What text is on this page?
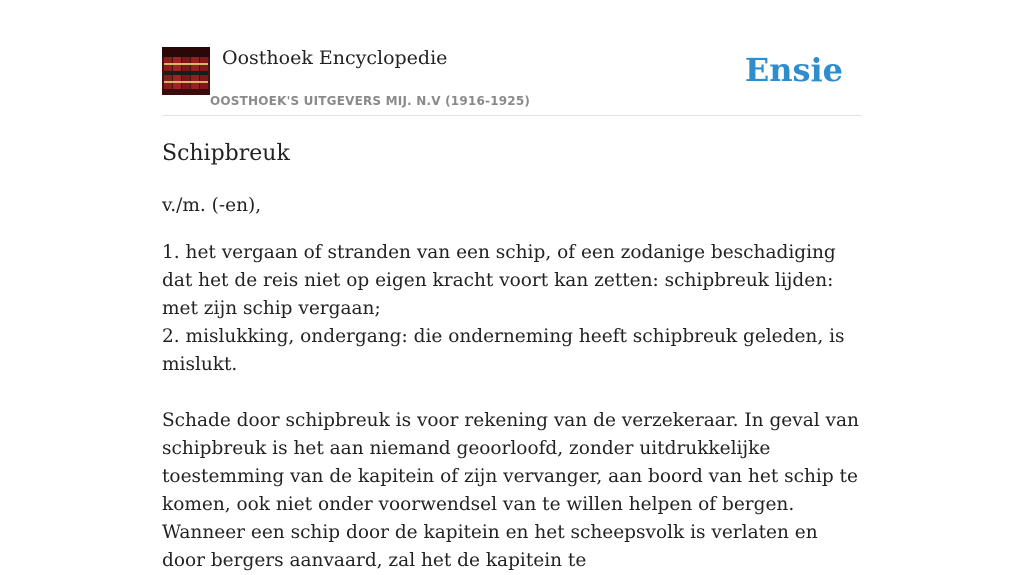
Oosthoek Encyclopedie
OOSTHOEK'S UITGEVERS MIJ. N.V (1916-1925)
Ensie
Schipbreuk

v./m. (-en),

1. het vergaan of stranden van een schip, of een zodanige beschadiging dat het de reis niet op eigen kracht voort kan zetten: schipbreuk lijden: met zijn schip vergaan;

2. mislukking, ondergang: die onderneming heeft schipbreuk geleden, is mislukt.

Schade door schipbreuk is voor rekening van de verzekeraar. In geval van schipbreuk is het aan niemand geoorloofd, zonder uitdrukkelijke toestemming van de kapitein of zijn vervanger, aan boord van het schip te komen, ook niet onder voorwendsel van te willen helpen of bergen. Wanneer een schip door de kapitein en het scheepsvolk is verlaten en door bergers aanvaard, zal het de kapitein te
